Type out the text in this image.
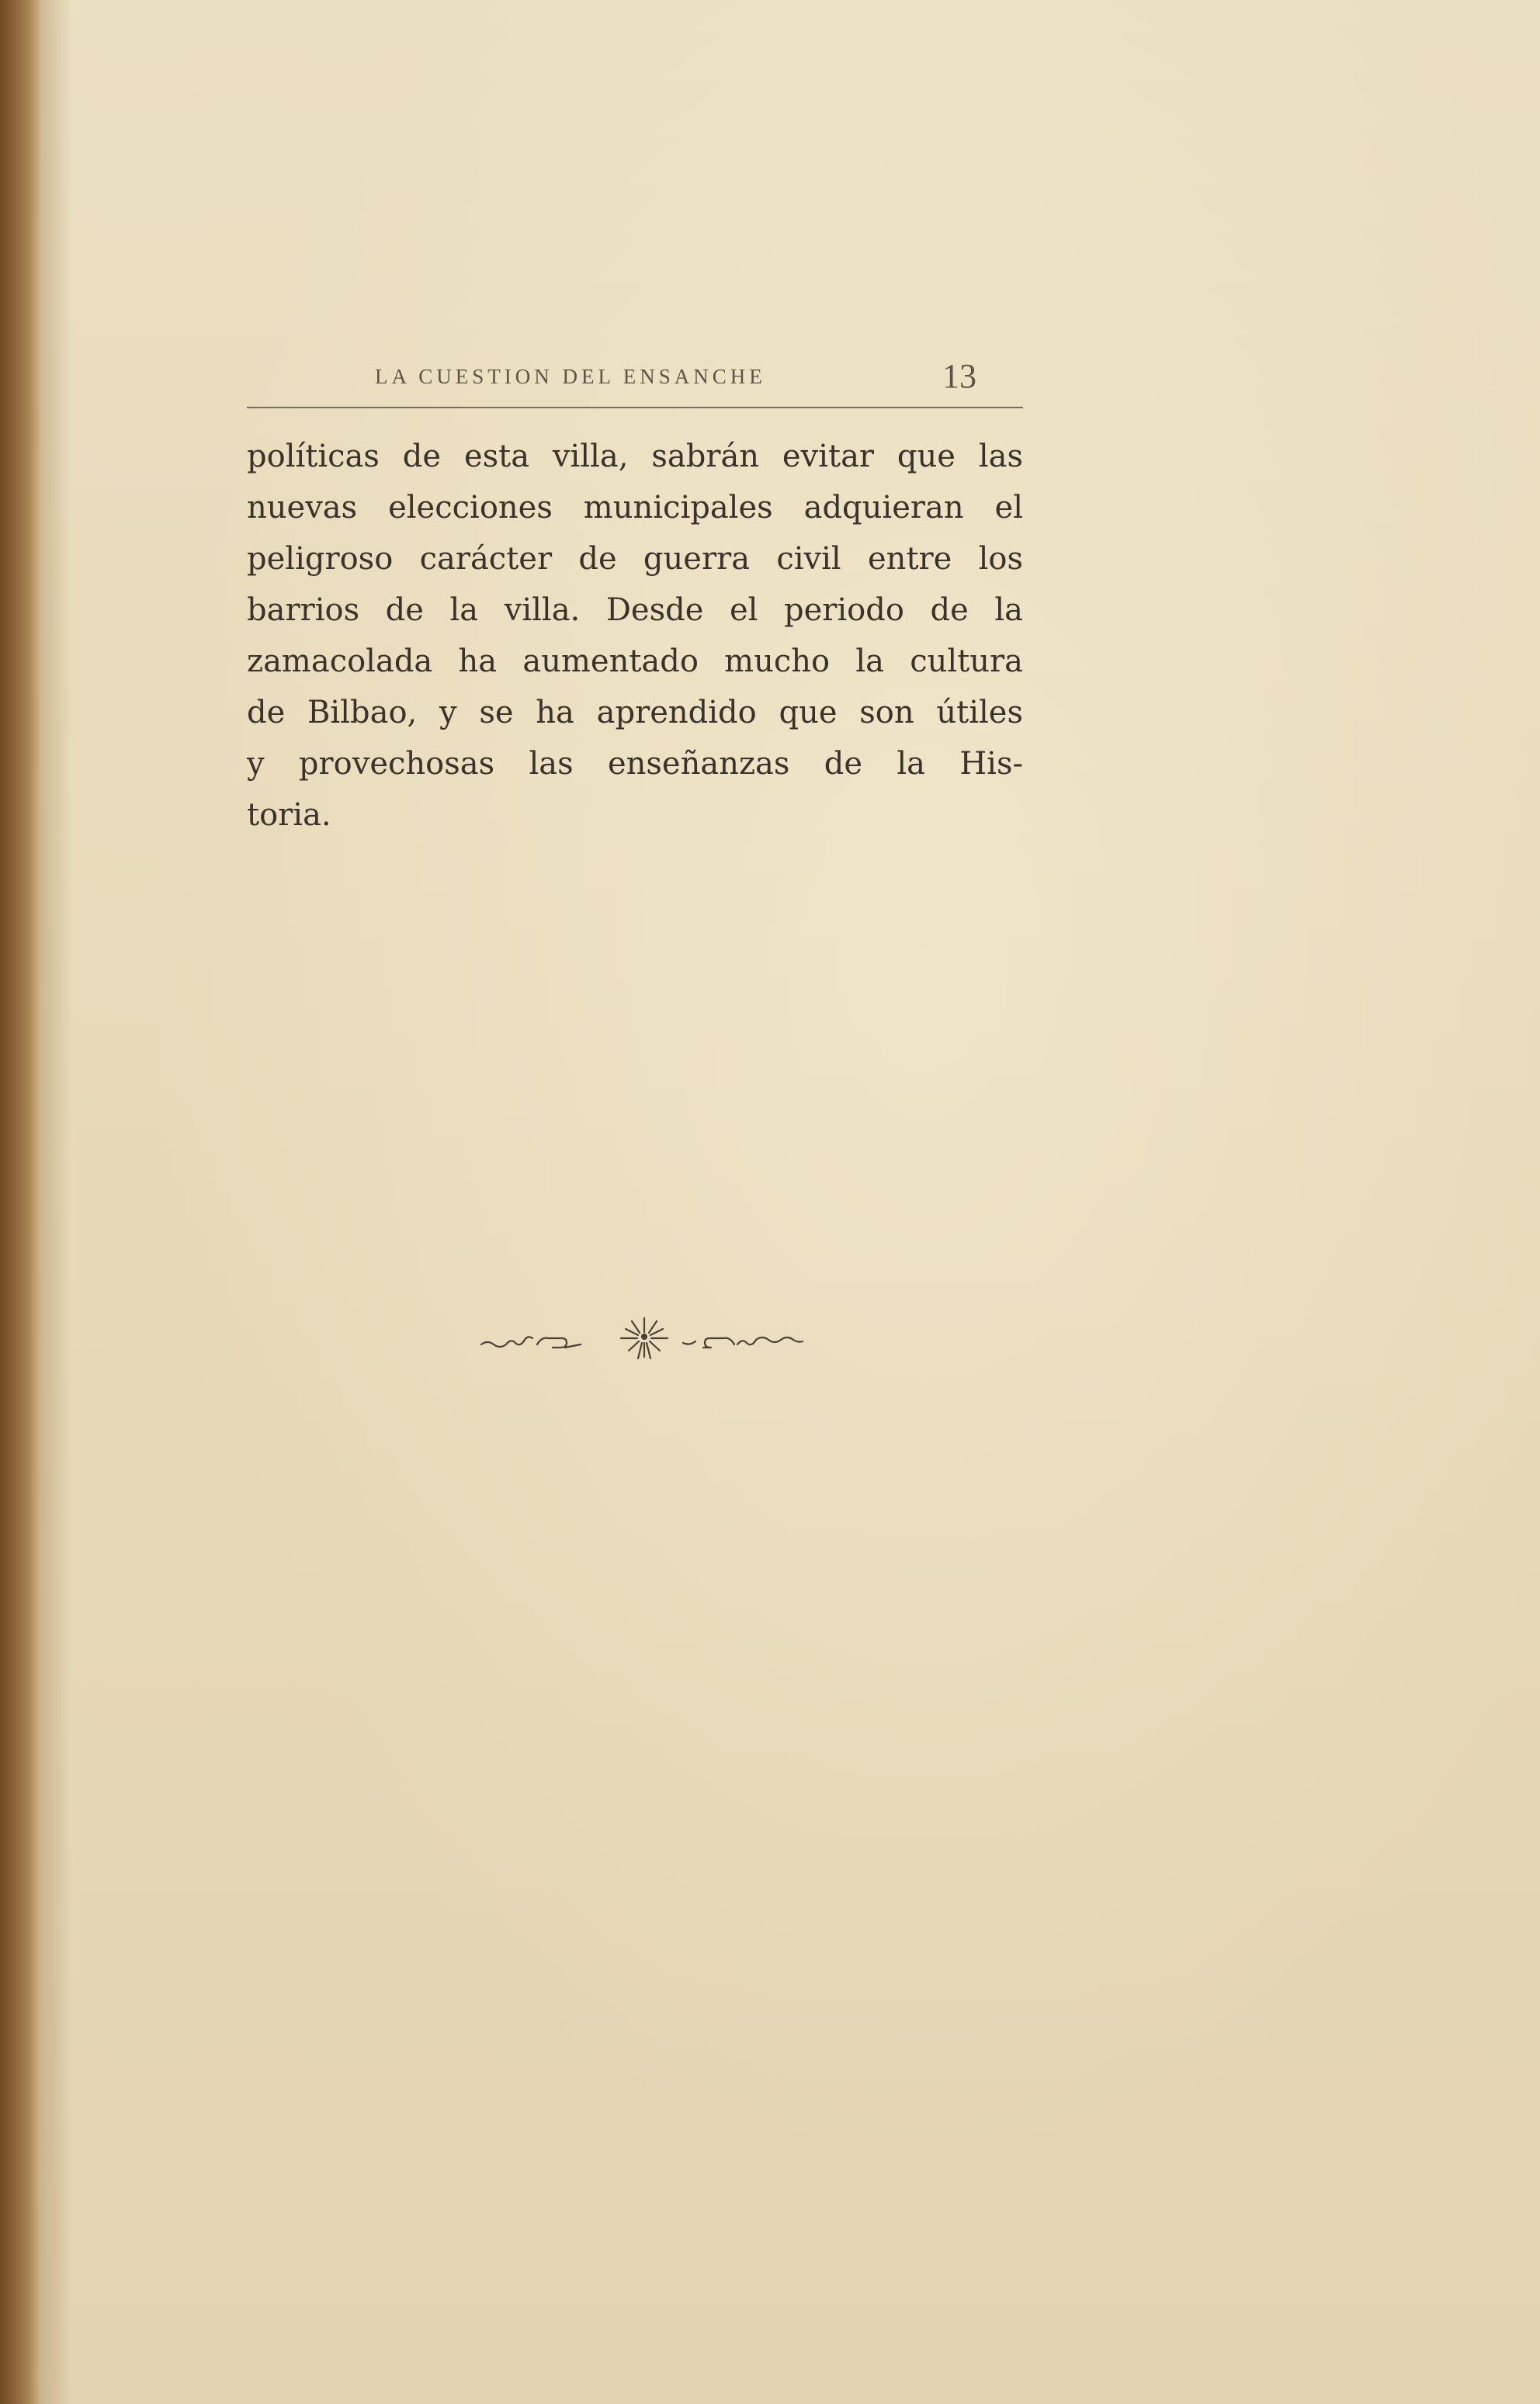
LA CUESTION DEL ENSANCHE	13
políticas de esta villa, sabrán evitar que las
nuevas elecciones municipales adquieran el
peligroso carácter de guerra civil entre los
barrios de la villa. Desde el periodo de la
zamacolada ha aumentado mucho la cultura
de Bilbao, y se ha aprendido que son útiles
y provechosas las enseñanzas de la His-
toria.
